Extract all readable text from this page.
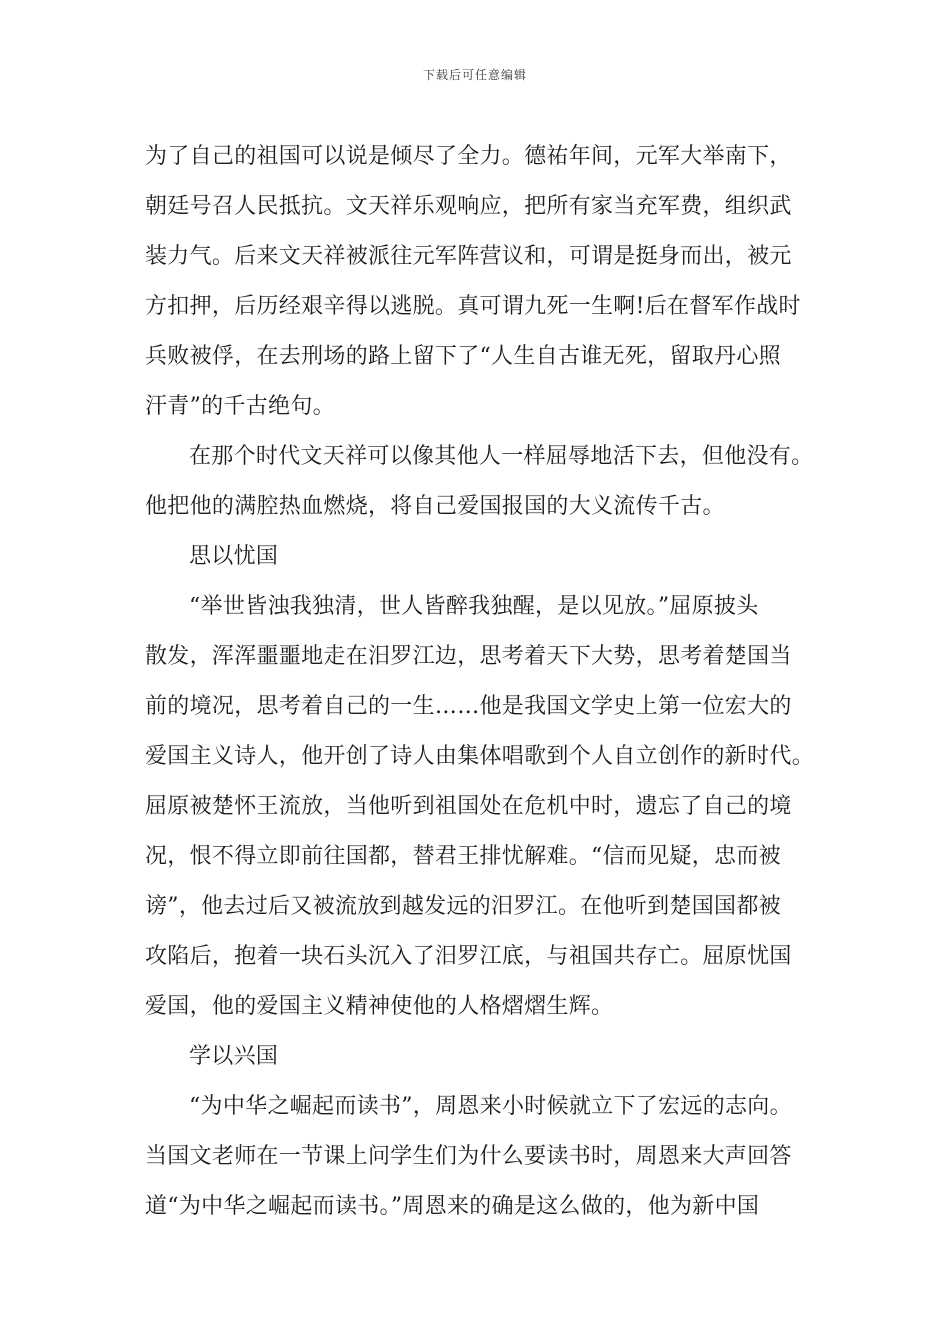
下载后可任意编辑
为了自己的祖国可以说是倾尽了全力。德祐年间，元军大举南下，
朝廷号召人民抵抗。文天祥乐观响应，把所有家当充军费，组织武
装力气。后来文天祥被派往元军阵营议和，可谓是挺身而出，被元
方扣押，后历经艰辛得以逃脱。真可谓九死一生啊!后在督军作战时
兵败被俘，在去刑场的路上留下了“人生自古谁无死，留取丹心照
汗青”的千古绝句。
在那个时代文天祥可以像其他人一样屈辱地活下去，但他没有。
他把他的满腔热血燃烧，将自己爱国报国的大义流传千古。
思以忧国
“举世皆浊我独清，世人皆醉我独醒，是以见放。”屈原披头
散发，浑浑噩噩地走在汨罗江边，思考着天下大势，思考着楚国当
前的境况，思考着自己的一生……他是我国文学史上第一位宏大的
爱国主义诗人，他开创了诗人由集体唱歌到个人自立创作的新时代。
屈原被楚怀王流放，当他听到祖国处在危机中时，遗忘了自己的境
况，恨不得立即前往国都，替君王排忧解难。“信而见疑，忠而被
谤”，他去过后又被流放到越发远的汨罗江。在他听到楚国国都被
攻陷后，抱着一块石头沉入了汨罗江底，与祖国共存亡。屈原忧国
爱国，他的爱国主义精神使他的人格熠熠生辉。
学以兴国
“为中华之崛起而读书”，周恩来小时候就立下了宏远的志向。
当国文老师在一节课上问学生们为什么要读书时，周恩来大声回答
道“为中华之崛起而读书。”周恩来的确是这么做的，他为新中国
